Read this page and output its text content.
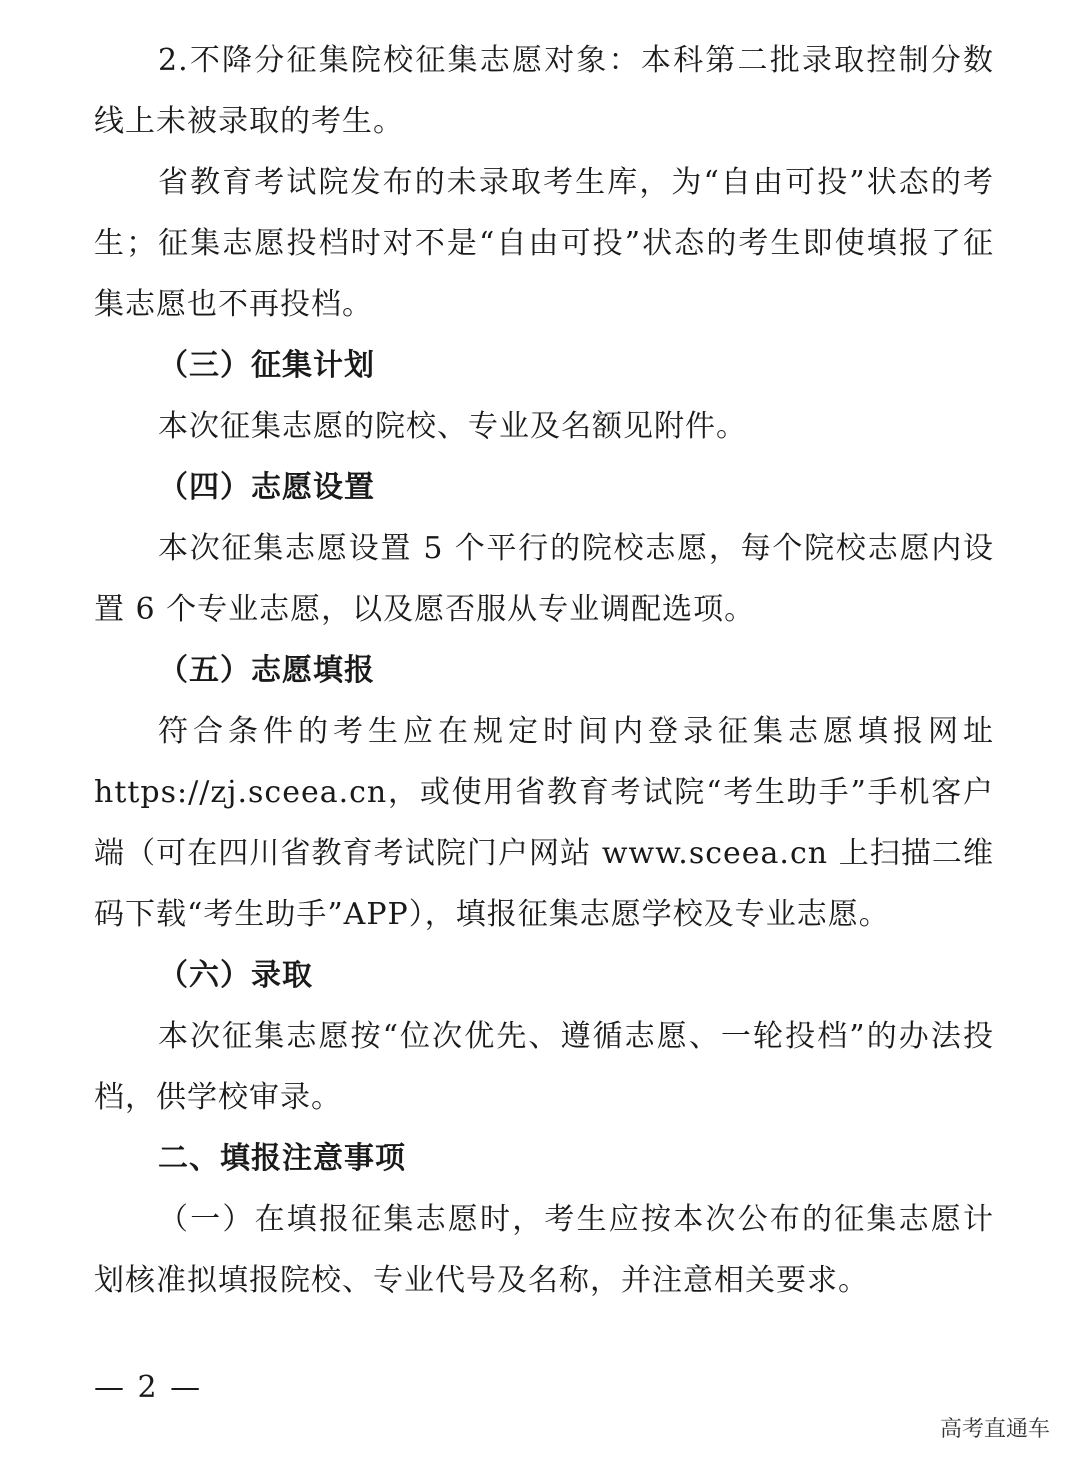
2.不降分征集院校征集志愿对象：本科第二批录取控制分数线上未被录取的考生。

省教育考试院发布的未录取考生库，为“自由可投”状态的考生；征集志愿投档时对不是“自由可投”状态的考生即使填报了征集志愿也不再投档。

（三）征集计划

本次征集志愿的院校、专业及名额见附件。

（四）志愿设置

本次征集志愿设置 5 个平行的院校志愿，每个院校志愿内设置 6 个专业志愿，以及愿否服从专业调配选项。

（五）志愿填报

符合条件的考生应在规定时间内登录征集志愿填报网址https://zj.sceea.cn，或使用省教育考试院“考生助手”手机客户端（可在四川省教育考试院门户网站 www.sceea.cn 上扫描二维码下载“考生助手”APP），填报征集志愿学校及专业志愿。

（六）录取

本次征集志愿按“位次优先、遵循志愿、一轮投档”的办法投档，供学校审录。

二、填报注意事项

（一）在填报征集志愿时，考生应按本次公布的征集志愿计划核准拟填报院校、专业代号及名称，并注意相关要求。

— 2 —
高考直通车
